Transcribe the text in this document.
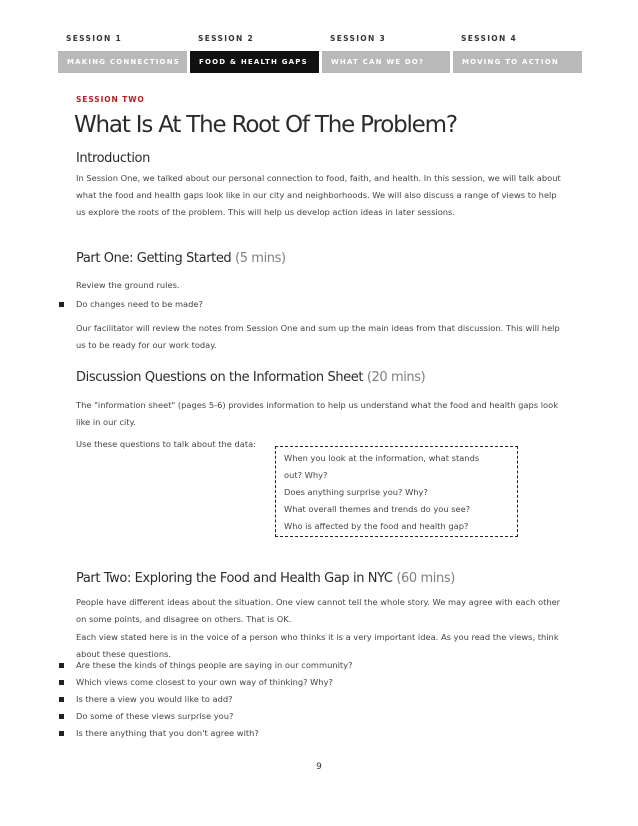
SESSION 1	SESSION 2	SESSION 3	SESSION 4
MAKING CONNECTIONS	FOOD & HEALTH GAPS	WHAT CAN WE DO?	MOVING TO ACTION
SESSION TWO
What Is At The Root Of The Problem?
Introduction
In Session One, we talked about our personal connection to food, faith, and health. In this session, we will talk about what the food and health gaps look like in our city and neighborhoods. We will also discuss a range of views to help us explore the roots of the problem. This will help us develop action ideas in later sessions.
Part One: Getting Started (5 mins)
Review the ground rules.
Do changes need to be made?
Our facilitator will review the notes from Session One and sum up the main ideas from that discussion. This will help us to be ready for our work today.
Discussion Questions on the Information Sheet (20 mins)
The "information sheet" (pages 5-6) provides information to help us understand what the food and health gaps look like in our city.
Use these questions to talk about the data:
When you look at the information, what stands out? Why?
Does anything surprise you? Why?
What overall themes and trends do you see?
Who is affected by the food and health gap?
Part Two: Exploring the Food and Health Gap in NYC (60 mins)
People have different ideas about the situation. One view cannot tell the whole story. We may agree with each other on some points, and disagree on others. That is OK.
Each view stated here is in the voice of a person who thinks it is a very important idea. As you read the views, think about these questions.
Are these the kinds of things people are saying in our community?
Which views come closest to your own way of thinking? Why?
Is there a view you would like to add?
Do some of these views surprise you?
Is there anything that you don't agree with?
9
